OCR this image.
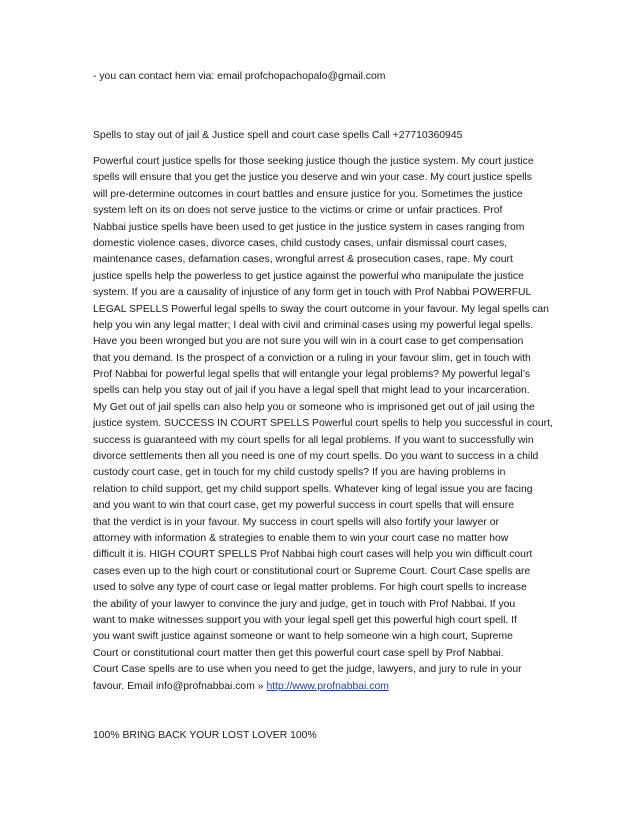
- you can contact hem via: email profchopachopalo@gmail.com

Spells to stay out of jail & Justice spell and court case spells Call +27710360945

Powerful court justice spells for those seeking justice though the justice system. My court justice
spells will ensure that you get the justice you deserve and win your case. My court justice spells
will pre-determine outcomes in court battles and ensure justice for you. Sometimes the justice
system left on its on does not serve justice to the victims or crime or unfair practices. Prof
Nabbai justice spells have been used to get justice in the justice system in cases ranging from
domestic violence cases, divorce cases, child custody cases, unfair dismissal court cases,
maintenance cases, defamation cases, wrongful arrest & prosecution cases, rape. My court
justice spells help the powerless to get justice against the powerful who manipulate the justice
system. If you are a causality of injustice of any form get in touch with Prof Nabbai POWERFUL
LEGAL SPELLS Powerful legal spells to sway the court outcome in your favour. My legal spells can
help you win any legal matter; I deal with civil and criminal cases using my powerful legal spells.
Have you been wronged but you are not sure you will win in a court case to get compensation
that you demand. Is the prospect of a conviction or a ruling in your favour slim, get in touch with
Prof Nabbai for powerful legal spells that will entangle your legal problems? My powerful legal’s
spells can help you stay out of jail if you have a legal spell that might lead to your incarceration.
My Get out of jail spells can also help you or someone who is imprisoned get out of jail using the
justice system. SUCCESS IN COURT SPELLS Powerful court spells to help you successful in court,
success is guaranteed with my court spells for all legal problems. If you want to successfully win
divorce settlements then all you need is one of my court spells. Do you want to success in a child
custody court case, get in touch for my child custody spells? If you are having problems in
relation to child support, get my child support spells. Whatever king of legal issue you are facing
and you want to win that court case, get my powerful success in court spells that will ensure
that the verdict is in your favour. My success in court spells will also fortify your lawyer or
attorney with information & strategies to enable them to win your court case no matter how
difficult it is. HIGH COURT SPELLS Prof Nabbai high court cases will help you win difficult court
cases even up to the high court or constitutional court or Supreme Court. Court Case spells are
used to solve any type of court case or legal matter problems. For high court spells to increase
the ability of your lawyer to convince the jury and judge, get in touch with Prof Nabbai. If you
want to make witnesses support you with your legal spell get this powerful high court spell. If
you want swift justice against someone or want to help someone win a high court, Supreme
Court or constitutional court matter then get this powerful court case spell by Prof Nabbai.
Court Case spells are to use when you need to get the judge, lawyers, and jury to rule in your
favour. Email info@profnabbai.com » http://www.profnabbai.com

100% BRING BACK YOUR LOST LOVER 100%
